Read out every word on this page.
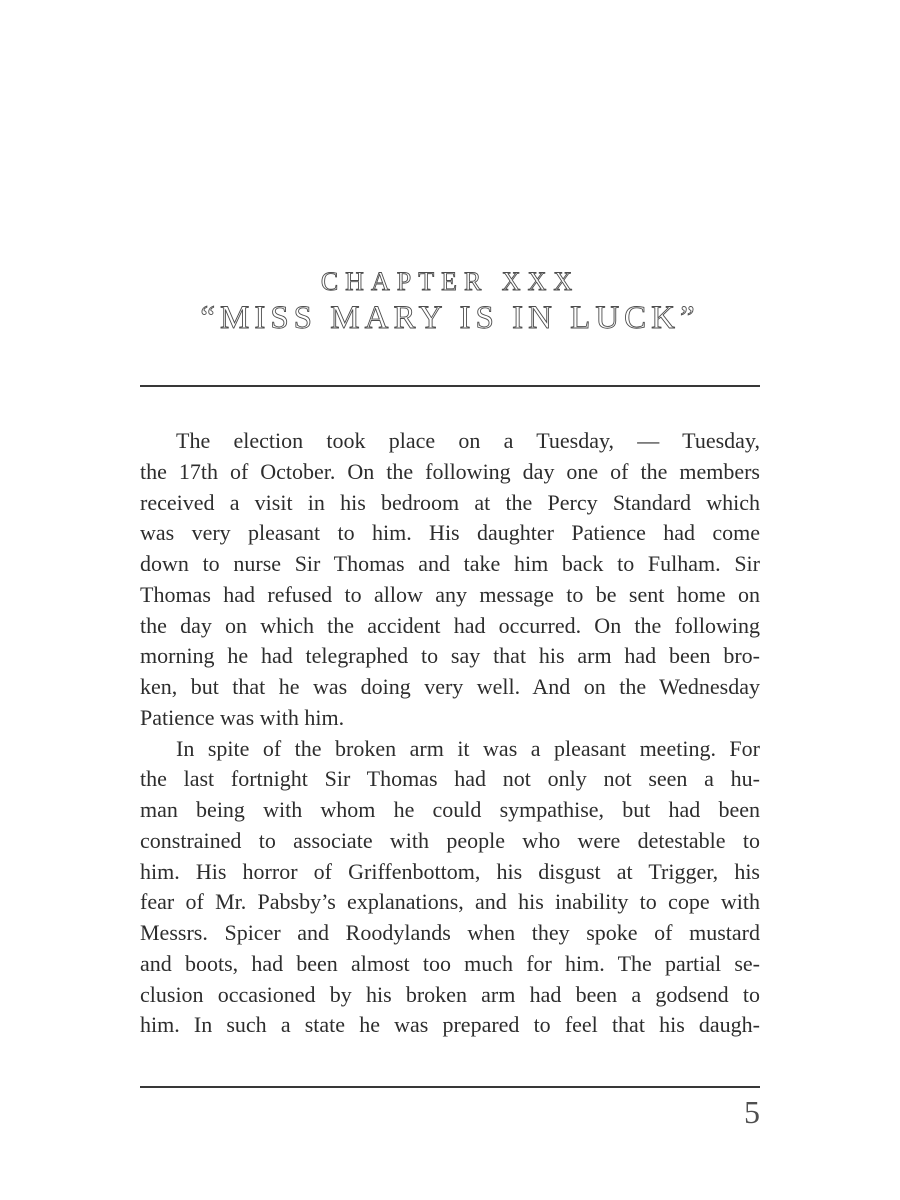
CHAPTER XXX
“MISS MARY IS IN LUCK”
The election took place on a Tuesday, — Tuesday,
the 17th of October. On the following day one of the members
received a visit in his bedroom at the Percy Standard which
was very pleasant to him. His daughter Patience had come
down to nurse Sir Thomas and take him back to Fulham. Sir
Thomas had refused to allow any message to be sent home on
the day on which the accident had occurred. On the following
morning he had telegraphed to say that his arm had been bro-
ken, but that he was doing very well. And on the Wednesday
Patience was with him.
In spite of the broken arm it was a pleasant meeting. For
the last fortnight Sir Thomas had not only not seen a hu-
man being with whom he could sympathise, but had been
constrained to associate with people who were detestable to
him. His horror of Griffenbottom, his disgust at Trigger, his
fear of Mr. Pabsby’s explanations, and his inability to cope with
Messrs. Spicer and Roodylands when they spoke of mustard
and boots, had been almost too much for him. The partial se-
clusion occasioned by his broken arm had been a godsend to
him. In such a state he was prepared to feel that his daugh-
5
